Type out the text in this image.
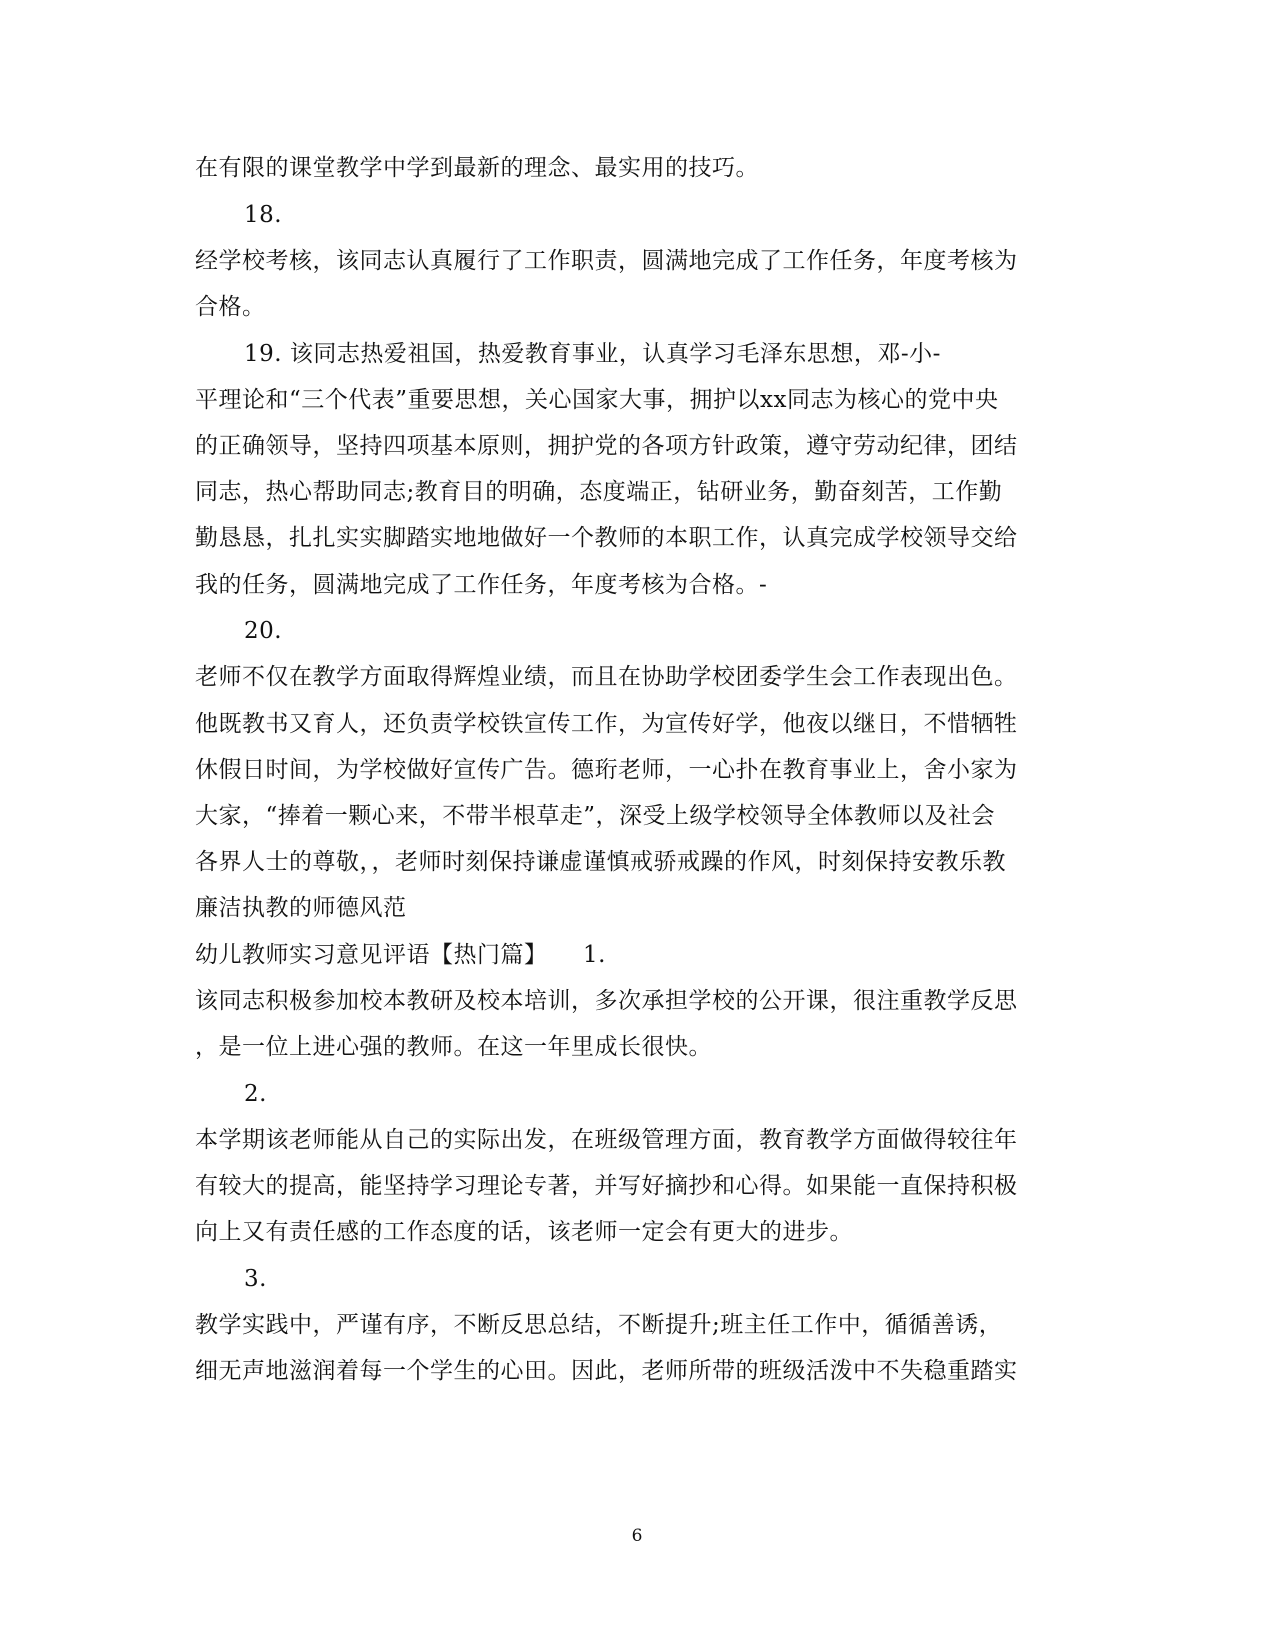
在有限的课堂教学中学到最新的理念、最实用的技巧。
18.
经学校考核，该同志认真履行了工作职责，圆满地完成了工作任务，年度考核为
合格。
19. 该同志热爱祖国，热爱教育事业，认真学习毛泽东思想，邓-小-
平理论和“三个代表”重要思想，关心国家大事，拥护以xx同志为核心的党中央
的正确领导，坚持四项基本原则，拥护党的各项方针政策，遵守劳动纪律，团结
同志，热心帮助同志;教育目的明确，态度端正，钻研业务，勤奋刻苦，工作勤
勤恳恳，扎扎实实脚踏实地地做好一个教师的本职工作，认真完成学校领导交给
我的任务，圆满地完成了工作任务，年度考核为合格。-
20.
老师不仅在教学方面取得辉煌业绩，而且在协助学校团委学生会工作表现出色。
他既教书又育人，还负责学校铁宣传工作，为宣传好学，他夜以继日，不惜牺牲
休假日时间，为学校做好宣传广告。德珩老师，一心扑在教育事业上，舍小家为
大家，“捧着一颗心来，不带半根草走”，深受上级学校领导全体教师以及社会
各界人士的尊敬，，老师时刻保持谦虚谨慎戒骄戒躁的作风，时刻保持安教乐教
廉洁执教的师德风范
幼儿教师实习意见评语【热门篇】　　1.
该同志积极参加校本教研及校本培训，多次承担学校的公开课，很注重教学反思
，是一位上进心强的教师。在这一年里成长很快。
2.
本学期该老师能从自己的实际出发，在班级管理方面，教育教学方面做得较往年
有较大的提高，能坚持学习理论专著，并写好摘抄和心得。如果能一直保持积极
向上又有责任感的工作态度的话，该老师一定会有更大的进步。
3.
教学实践中，严谨有序，不断反思总结，不断提升;班主任工作中，循循善诱，
细无声地滋润着每一个学生的心田。因此，老师所带的班级活泼中不失稳重踏实
6
